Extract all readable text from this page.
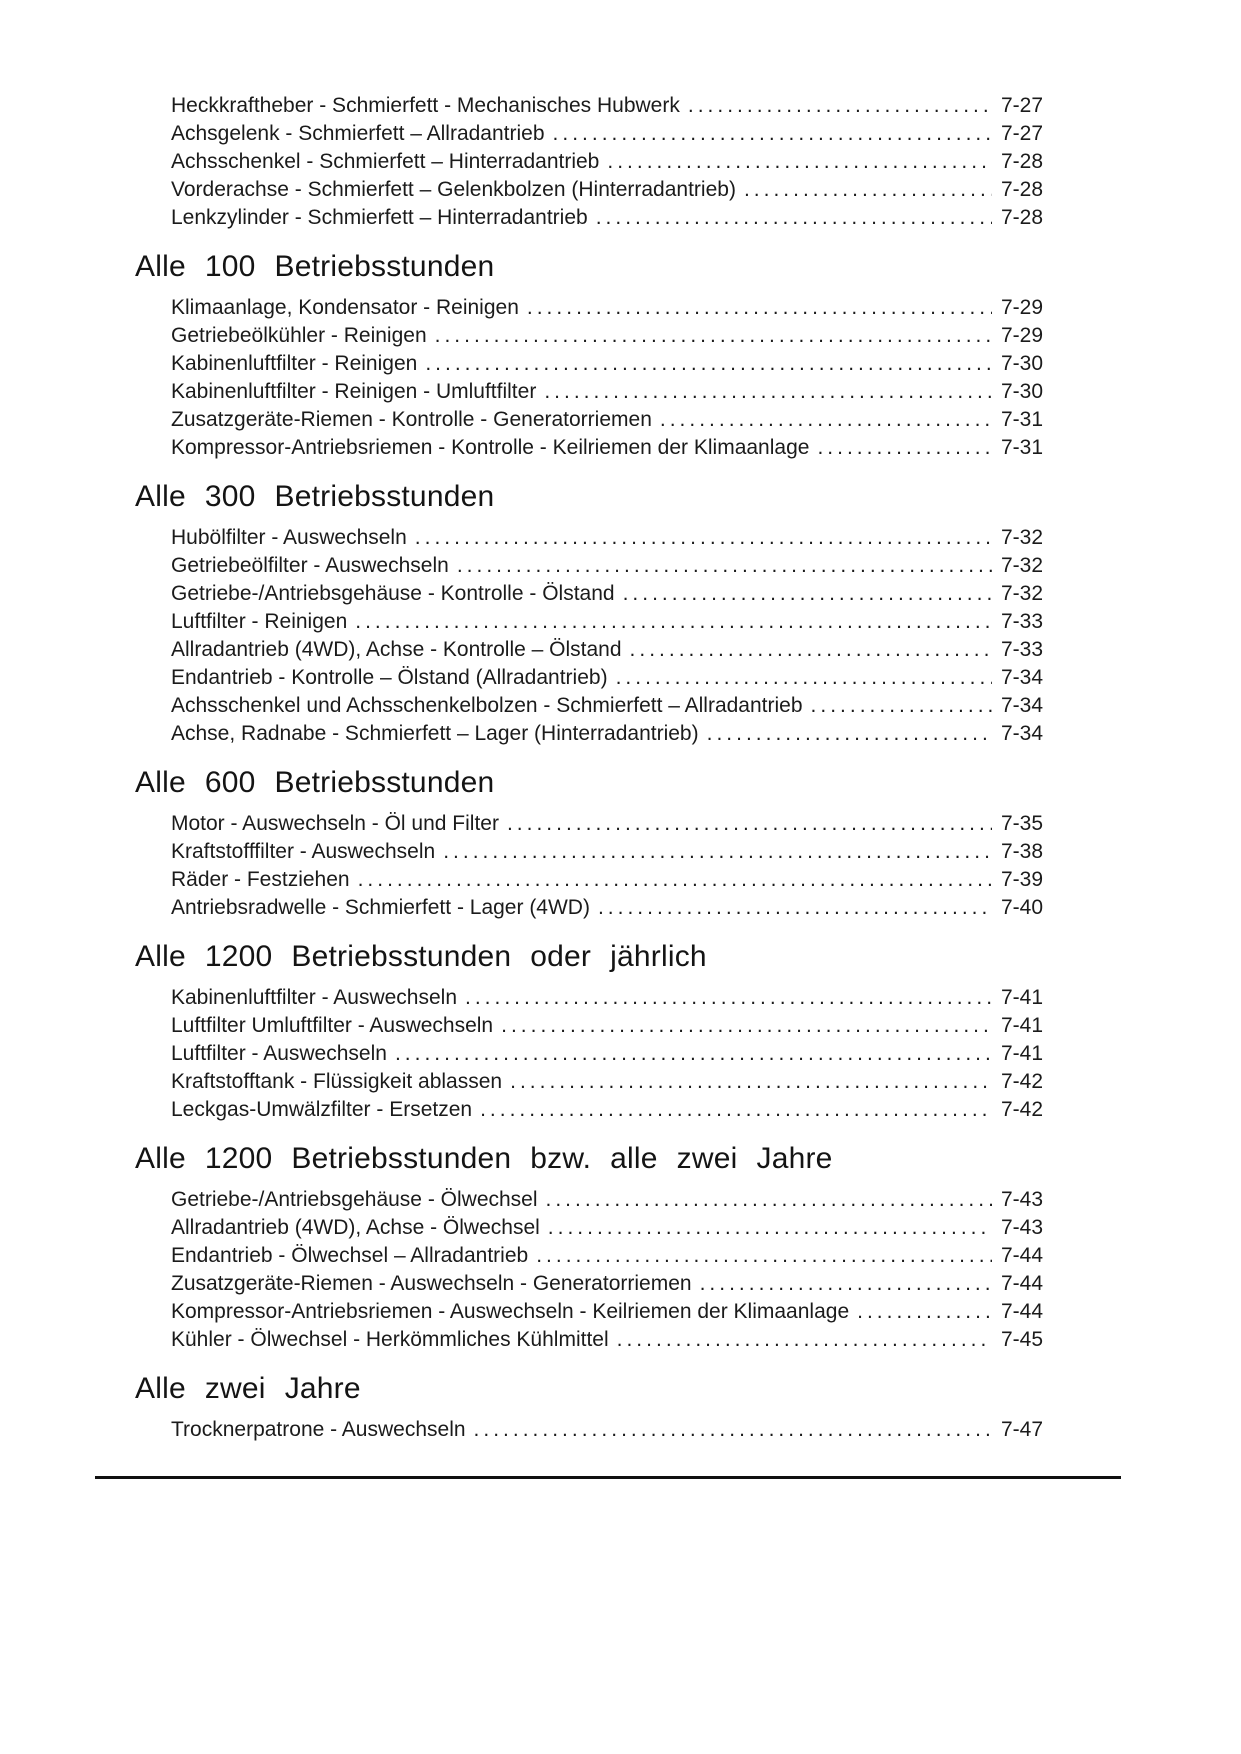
Heckkraftheber - Schmierfett - Mechanisches Hubwerk .....	7-27
Achsgelenk - Schmierfett – Allradantrieb .....	7-27
Achsschenkel - Schmierfett – Hinterradantrieb .....	7-28
Vorderachse - Schmierfett – Gelenkbolzen (Hinterradantrieb) .....	7-28
Lenkzylinder - Schmierfett – Hinterradantrieb .....	7-28
Alle 100 Betriebsstunden
Klimaanlage, Kondensator - Reinigen .....	7-29
Getriebeölkühler - Reinigen .....	7-29
Kabinenluftfilter - Reinigen .....	7-30
Kabinenluftfilter - Reinigen - Umluftfilter .....	7-30
Zusatzgeräte-Riemen - Kontrolle - Generatorriemen .....	7-31
Kompressor-Antriebsriemen - Kontrolle - Keilriemen der Klimaanlage .....	7-31
Alle 300 Betriebsstunden
Hubölfilter - Auswechseln .....	7-32
Getriebeölfilter - Auswechseln .....	7-32
Getriebe-/Antriebsgehäuse - Kontrolle - Ölstand .....	7-32
Luftfilter - Reinigen .....	7-33
Allradantrieb (4WD), Achse - Kontrolle – Ölstand .....	7-33
Endantrieb - Kontrolle – Ölstand (Allradantrieb) .....	7-34
Achsschenkel und Achsschenkelbolzen - Schmierfett – Allradantrieb .....	7-34
Achse, Radnabe - Schmierfett – Lager (Hinterradantrieb) .....	7-34
Alle 600 Betriebsstunden
Motor - Auswechseln - Öl und Filter .....	7-35
Kraftstofffilter - Auswechseln .....	7-38
Räder - Festziehen .....	7-39
Antriebsradwelle - Schmierfett - Lager (4WD) .....	7-40
Alle 1200 Betriebsstunden oder jährlich
Kabinenluftfilter - Auswechseln .....	7-41
Luftfilter Umluftfilter - Auswechseln .....	7-41
Luftfilter - Auswechseln .....	7-41
Kraftstofftank - Flüssigkeit ablassen .....	7-42
Leckgas-Umwälzfilter - Ersetzen .....	7-42
Alle 1200 Betriebsstunden bzw. alle zwei Jahre
Getriebe-/Antriebsgehäuse - Ölwechsel .....	7-43
Allradantrieb (4WD), Achse - Ölwechsel .....	7-43
Endantrieb - Ölwechsel – Allradantrieb .....	7-44
Zusatzgeräte-Riemen - Auswechseln - Generatorriemen .....	7-44
Kompressor-Antriebsriemen - Auswechseln - Keilriemen der Klimaanlage .....	7-44
Kühler - Ölwechsel - Herkömmliches Kühlmittel .....	7-45
Alle zwei Jahre
Trocknerpatrone - Auswechseln .....	7-47
